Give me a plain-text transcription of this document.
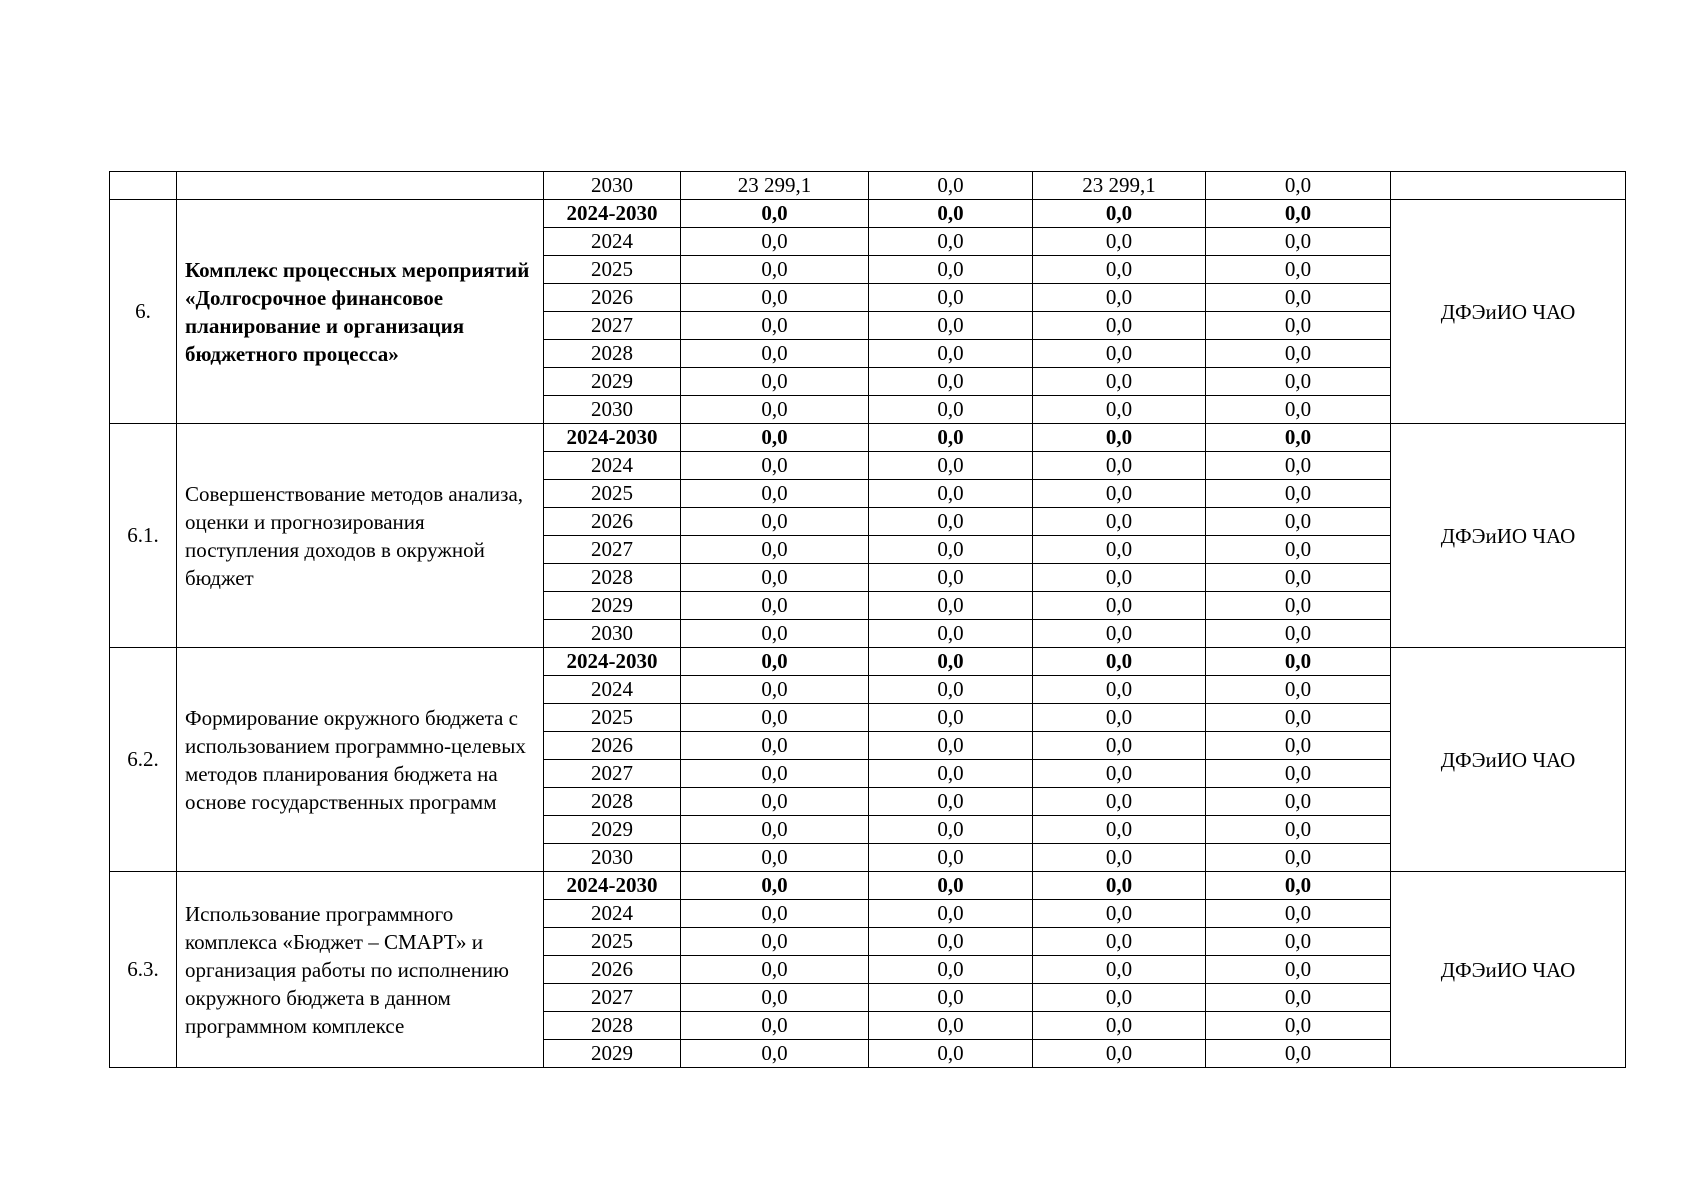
		2030	23 299,1	0,0	23 299,1	0,0	
6.	Комплекс процессных мероприятий «Долгосрочное финансовое планирование и организация бюджетного процесса»	2024-2030	0,0	0,0	0,0	0,0	ДФЭиИО ЧАО
		2024	0,0	0,0	0,0	0,0	
		2025	0,0	0,0	0,0	0,0	
		2026	0,0	0,0	0,0	0,0	
		2027	0,0	0,0	0,0	0,0	
		2028	0,0	0,0	0,0	0,0	
		2029	0,0	0,0	0,0	0,0	
		2030	0,0	0,0	0,0	0,0	
6.1.	Совершенствование методов анализа, оценки и прогнозирования поступления доходов в окружной бюджет	2024-2030	0,0	0,0	0,0	0,0	ДФЭиИО ЧАО
		2024	0,0	0,0	0,0	0,0	
		2025	0,0	0,0	0,0	0,0	
		2026	0,0	0,0	0,0	0,0	
		2027	0,0	0,0	0,0	0,0	
		2028	0,0	0,0	0,0	0,0	
		2029	0,0	0,0	0,0	0,0	
		2030	0,0	0,0	0,0	0,0	
6.2.	Формирование окружного бюджета с использованием программно-целевых методов планирования бюджета на основе государственных программ	2024-2030	0,0	0,0	0,0	0,0	ДФЭиИО ЧАО
		2024	0,0	0,0	0,0	0,0	
		2025	0,0	0,0	0,0	0,0	
		2026	0,0	0,0	0,0	0,0	
		2027	0,0	0,0	0,0	0,0	
		2028	0,0	0,0	0,0	0,0	
		2029	0,0	0,0	0,0	0,0	
		2030	0,0	0,0	0,0	0,0	
6.3.	Использование программного комплекса «Бюджет – СМАРТ» и организация работы по исполнению окружного бюджета в данном программном комплексе	2024-2030	0,0	0,0	0,0	0,0	ДФЭиИО ЧАО
		2024	0,0	0,0	0,0	0,0	
		2025	0,0	0,0	0,0	0,0	
		2026	0,0	0,0	0,0	0,0	
		2027	0,0	0,0	0,0	0,0	
		2028	0,0	0,0	0,0	0,0	
		2029	0,0	0,0	0,0	0,0	
